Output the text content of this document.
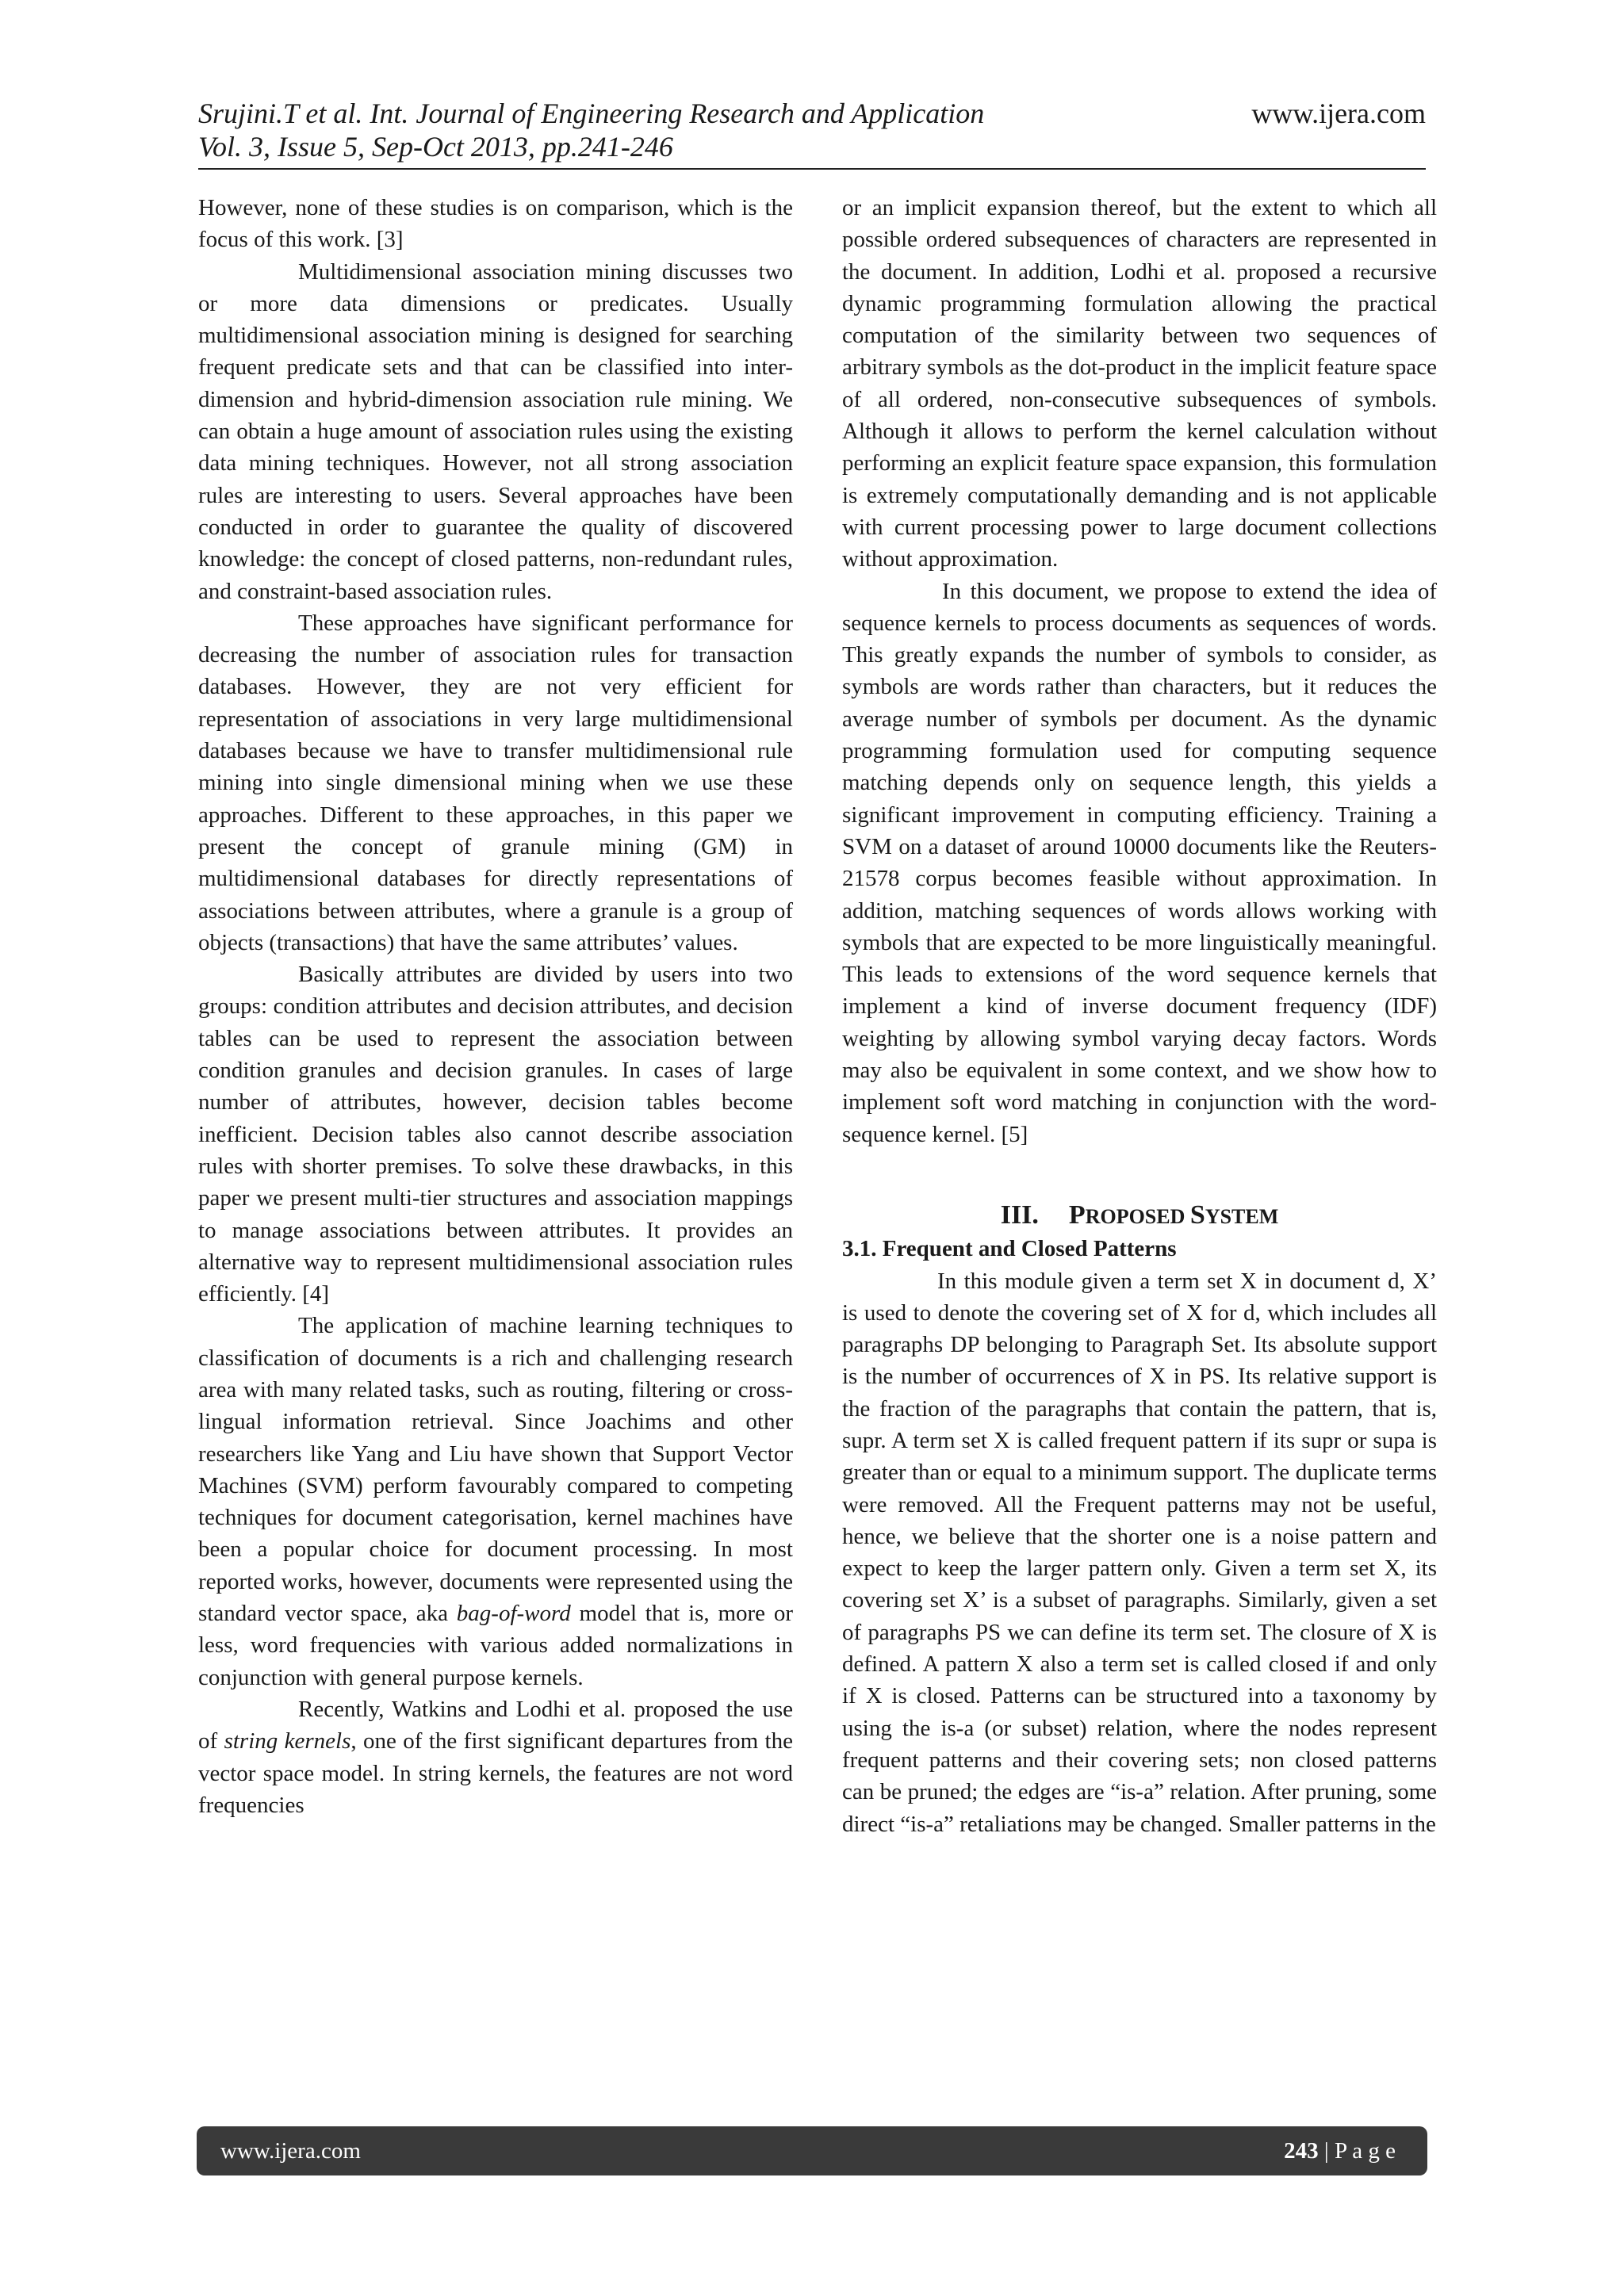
Srujini.T et al. Int. Journal of Engineering Research and Application
Vol. 3, Issue 5, Sep-Oct 2013, pp.241-246
www.ijera.com

However, none of these studies is on comparison, which is the focus of this work. [3]

Multidimensional association mining discusses two or more data dimensions or predicates. Usually multidimensional association mining is designed for searching frequent predicate sets and that can be classified into inter-dimension and hybrid-dimension association rule mining. We can obtain a huge amount of association rules using the existing data mining techniques. However, not all strong association rules are interesting to users. Several approaches have been conducted in order to guarantee the quality of discovered knowledge: the concept of closed patterns, non-redundant rules, and constraint-based association rules.

These approaches have significant performance for decreasing the number of association rules for transaction databases. However, they are not very efficient for representation of associations in very large multidimensional databases because we have to transfer multidimensional rule mining into single dimensional mining when we use these approaches. Different to these approaches, in this paper we present the concept of granule mining (GM) in multidimensional databases for directly representations of associations between attributes, where a granule is a group of objects (transactions) that have the same attributes’ values.

Basically attributes are divided by users into two groups: condition attributes and decision attributes, and decision tables can be used to represent the association between condition granules and decision granules. In cases of large number of attributes, however, decision tables become inefficient. Decision tables also cannot describe association rules with shorter premises. To solve these drawbacks, in this paper we present multi-tier structures and association mappings to manage associations between attributes. It provides an alternative way to represent multidimensional association rules efficiently. [4]

The application of machine learning techniques to classification of documents is a rich and challenging research area with many related tasks, such as routing, filtering or cross-lingual information retrieval. Since Joachims and other researchers like Yang and Liu have shown that Support Vector Machines (SVM) perform favourably compared to competing techniques for document categorisation, kernel machines have been a popular choice for document processing. In most reported works, however, documents were represented using the standard vector space, aka bag-of-word model that is, more or less, word frequencies with various added normalizations in conjunction with general purpose kernels.

Recently, Watkins and Lodhi et al. proposed the use of string kernels, one of the first significant departures from the vector space model. In string kernels, the features are not word frequencies

or an implicit expansion thereof, but the extent to which all possible ordered subsequences of characters are represented in the document. In addition, Lodhi et al. proposed a recursive dynamic programming formulation allowing the practical computation of the similarity between two sequences of arbitrary symbols as the dot-product in the implicit feature space of all ordered, non-consecutive subsequences of symbols. Although it allows to perform the kernel calculation without performing an explicit feature space expansion, this formulation is extremely computationally demanding and is not applicable with current processing power to large document collections without approximation.

In this document, we propose to extend the idea of sequence kernels to process documents as sequences of words. This greatly expands the number of symbols to consider, as symbols are words rather than characters, but it reduces the average number of symbols per document. As the dynamic programming formulation used for computing sequence matching depends only on sequence length, this yields a significant improvement in computing efficiency. Training a SVM on a dataset of around 10000 documents like the Reuters-21578 corpus becomes feasible without approximation. In addition, matching sequences of words allows working with symbols that are expected to be more linguistically meaningful. This leads to extensions of the word sequence kernels that implement a kind of inverse document frequency (IDF) weighting by allowing symbol varying decay factors. Words may also be equivalent in some context, and we show how to implement soft word matching in conjunction with the word-sequence kernel. [5]

III. PROPOSED SYSTEM

3.1. Frequent and Closed Patterns

In this module given a term set X in document d, X’ is used to denote the covering set of X for d, which includes all paragraphs DP belonging to Paragraph Set. Its absolute support is the number of occurrences of X in PS. Its relative support is the fraction of the paragraphs that contain the pattern, that is, supr. A term set X is called frequent pattern if its supr or supa is greater than or equal to a minimum support. The duplicate terms were removed. All the Frequent patterns may not be useful, hence, we believe that the shorter one is a noise pattern and expect to keep the larger pattern only. Given a term set X, its covering set X’ is a subset of paragraphs. Similarly, given a set of paragraphs PS we can define its term set. The closure of X is defined. A pattern X also a term set is called closed if and only if X is closed. Patterns can be structured into a taxonomy by using the is-a (or subset) relation, where the nodes represent frequent patterns and their covering sets; non closed patterns can be pruned; the edges are “is-a” relation. After pruning, some direct “is-a” retaliations may be changed. Smaller patterns in the

www.ijera.com	243 | P a g e
